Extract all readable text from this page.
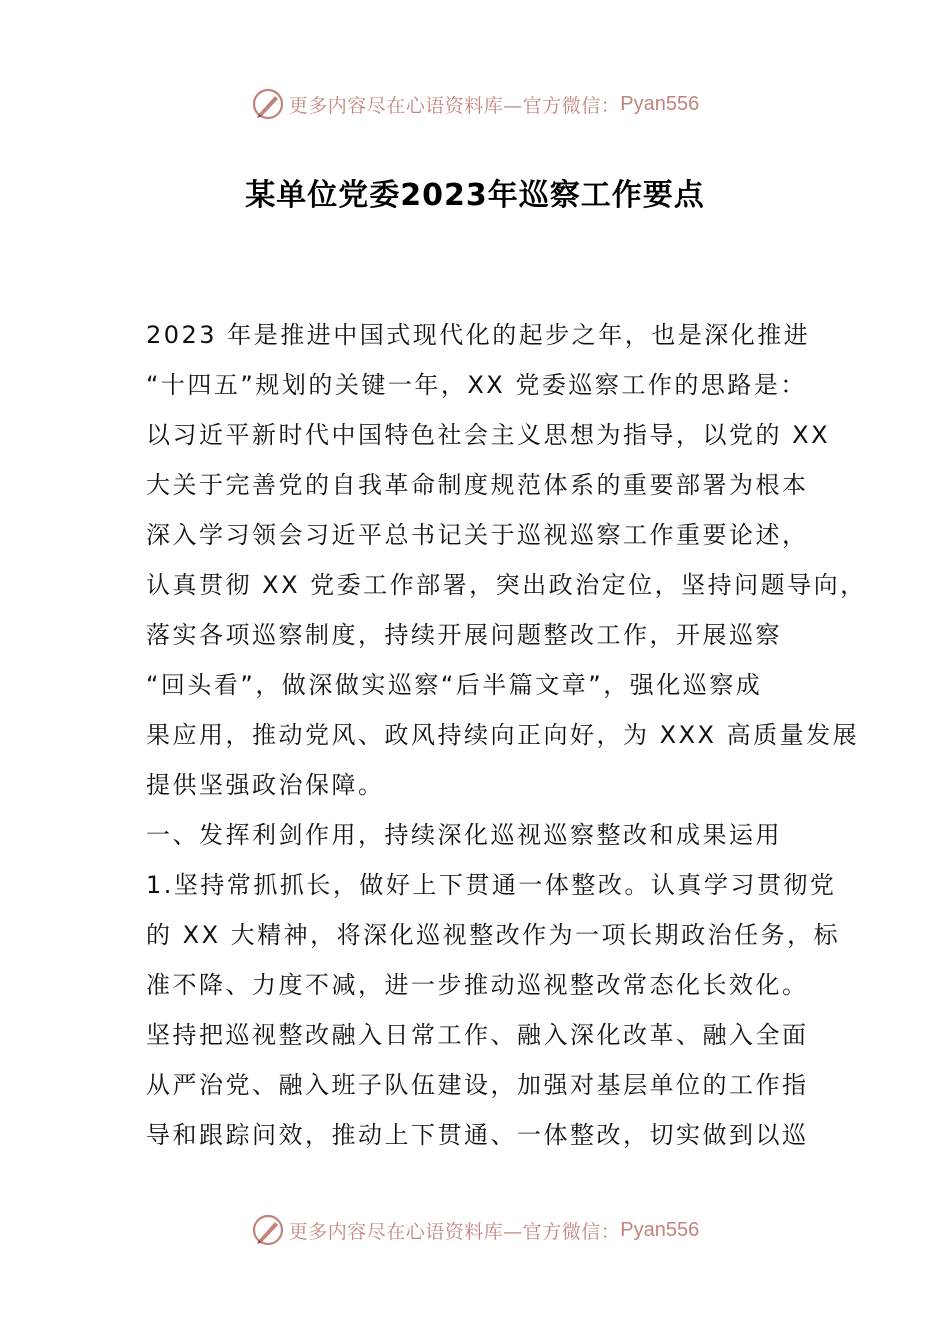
更多内容尽在心语资料库—官方微信： Pyan556
某单位党委2023年巡察工作要点

2023 年是推进中国式现代化的起步之年，也是深化推进
“十四五”规划的关键一年，XX 党委巡察工作的思路是：
以习近平新时代中国特色社会主义思想为指导，以党的 XX
大关于完善党的自我革命制度规范体系的重要部署为根本
深入学习领会习近平总书记关于巡视巡察工作重要论述，
认真贯彻 XX 党委工作部署，突出政治定位，坚持问题导向，
落实各项巡察制度，持续开展问题整改工作，开展巡察
“回头看”，做深做实巡察“后半篇文章”，强化巡察成
果应用，推动党风、政风持续向正向好，为 XXX 高质量发展
提供坚强政治保障。

一、发挥利剑作用，持续深化巡视巡察整改和成果运用

1.坚持常抓抓长，做好上下贯通一体整改。认真学习贯彻党
的 XX 大精神，将深化巡视整改作为一项长期政治任务，标
准不降、力度不减，进一步推动巡视整改常态化长效化。
坚持把巡视整改融入日常工作、融入深化改革、融入全面
从严治党、融入班子队伍建设，加强对基层单位的工作指
导和跟踪问效，推动上下贯通、一体整改，切实做到以巡

更多内容尽在心语资料库—官方微信： Pyan556
